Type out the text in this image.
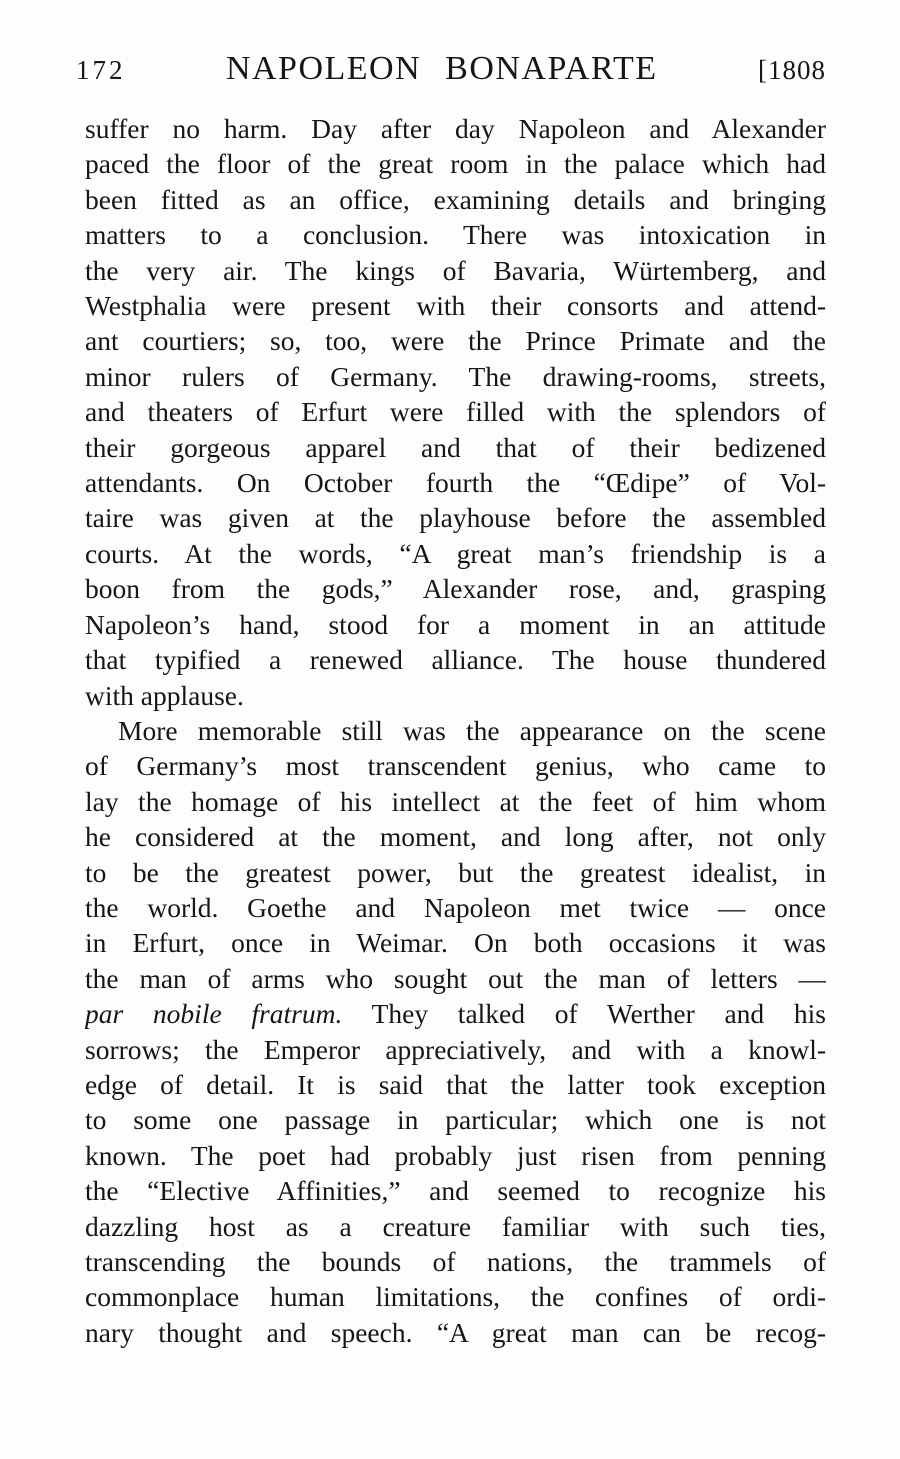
172	NAPOLEON BONAPARTE	[1808
suffer no harm. Day after day Napoleon and Alexander
paced the floor of the great room in the palace which had
been fitted as an office, examining details and bringing
matters to a conclusion. There was intoxication in
the very air. The kings of Bavaria, Würtemberg, and
Westphalia were present with their consorts and attend-
ant courtiers; so, too, were the Prince Primate and the
minor rulers of Germany. The drawing-rooms, streets,
and theaters of Erfurt were filled with the splendors of
their gorgeous apparel and that of their bedizened
attendants. On October fourth the “Œdipe” of Vol-
taire was given at the playhouse before the assembled
courts. At the words, “A great man’s friendship is a
boon from the gods,” Alexander rose, and, grasping
Napoleon’s hand, stood for a moment in an attitude
that typified a renewed alliance. The house thundered
with applause.
More memorable still was the appearance on the scene
of Germany’s most transcendent genius, who came to
lay the homage of his intellect at the feet of him whom
he considered at the moment, and long after, not only
to be the greatest power, but the greatest idealist, in
the world. Goethe and Napoleon met twice — once
in Erfurt, once in Weimar. On both occasions it was
the man of arms who sought out the man of letters —
par nobile fratrum. They talked of Werther and his
sorrows; the Emperor appreciatively, and with a knowl-
edge of detail. It is said that the latter took exception
to some one passage in particular; which one is not
known. The poet had probably just risen from penning
the “Elective Affinities,” and seemed to recognize his
dazzling host as a creature familiar with such ties,
transcending the bounds of nations, the trammels of
commonplace human limitations, the confines of ordi-
nary thought and speech. “A great man can be recog-
